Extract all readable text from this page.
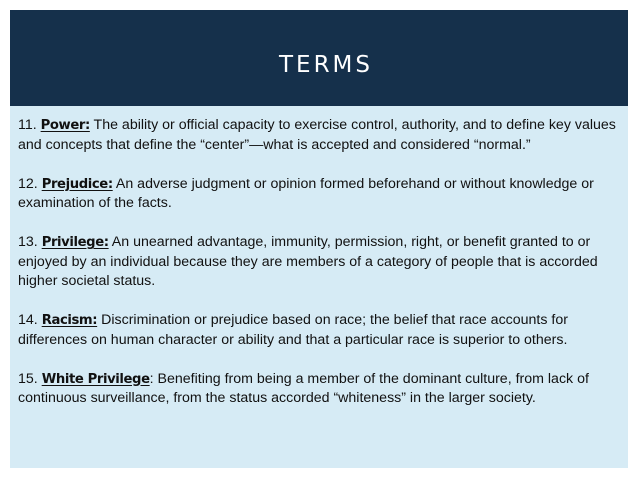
TERMS

11. Power: The ability or official capacity to exercise control, authority, and to define key values and concepts that define the “center”—what is accepted and considered “normal.”

12. Prejudice: An adverse judgment or opinion formed beforehand or without knowledge or examination of the facts.

13. Privilege: An unearned advantage, immunity, permission, right, or benefit granted to or enjoyed by an individual because they are members of a category of people that is accorded higher societal status.

14. Racism: Discrimination or prejudice based on race; the belief that race accounts for differences on human character or ability and that a particular race is superior to others.

15. White Privilege: Benefiting from being a member of the dominant culture, from lack of continuous surveillance, from the status accorded “whiteness” in the larger society.
